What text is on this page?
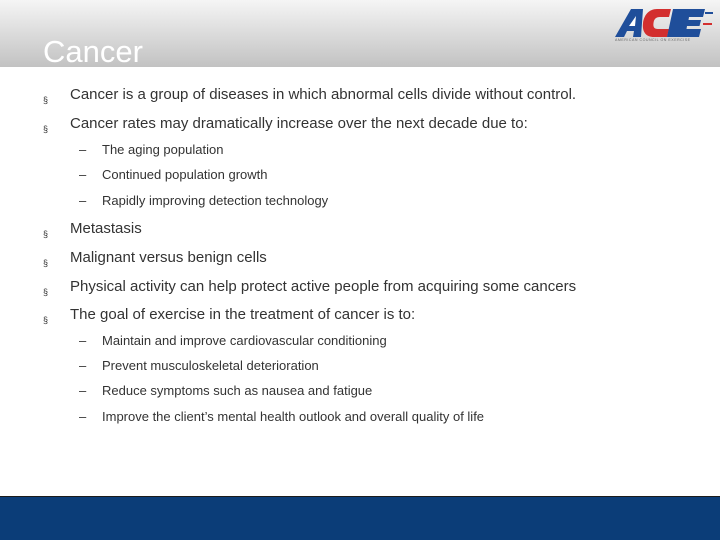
Cancer	AMERICAN COUNCIL ON EXERCISE
§ Cancer is a group of diseases in which abnormal cells divide without control.
§ Cancer rates may dramatically increase over the next decade due to:
– The aging population
– Continued population growth
– Rapidly improving detection technology
§ Metastasis
§ Malignant versus benign cells
§ Physical activity can help protect active people from acquiring some cancers
§ The goal of exercise in the treatment of cancer is to:
– Maintain and improve cardiovascular conditioning
– Prevent musculoskeletal deterioration
– Reduce symptoms such as nausea and fatigue
– Improve the client’s mental health outlook and overall quality of life
